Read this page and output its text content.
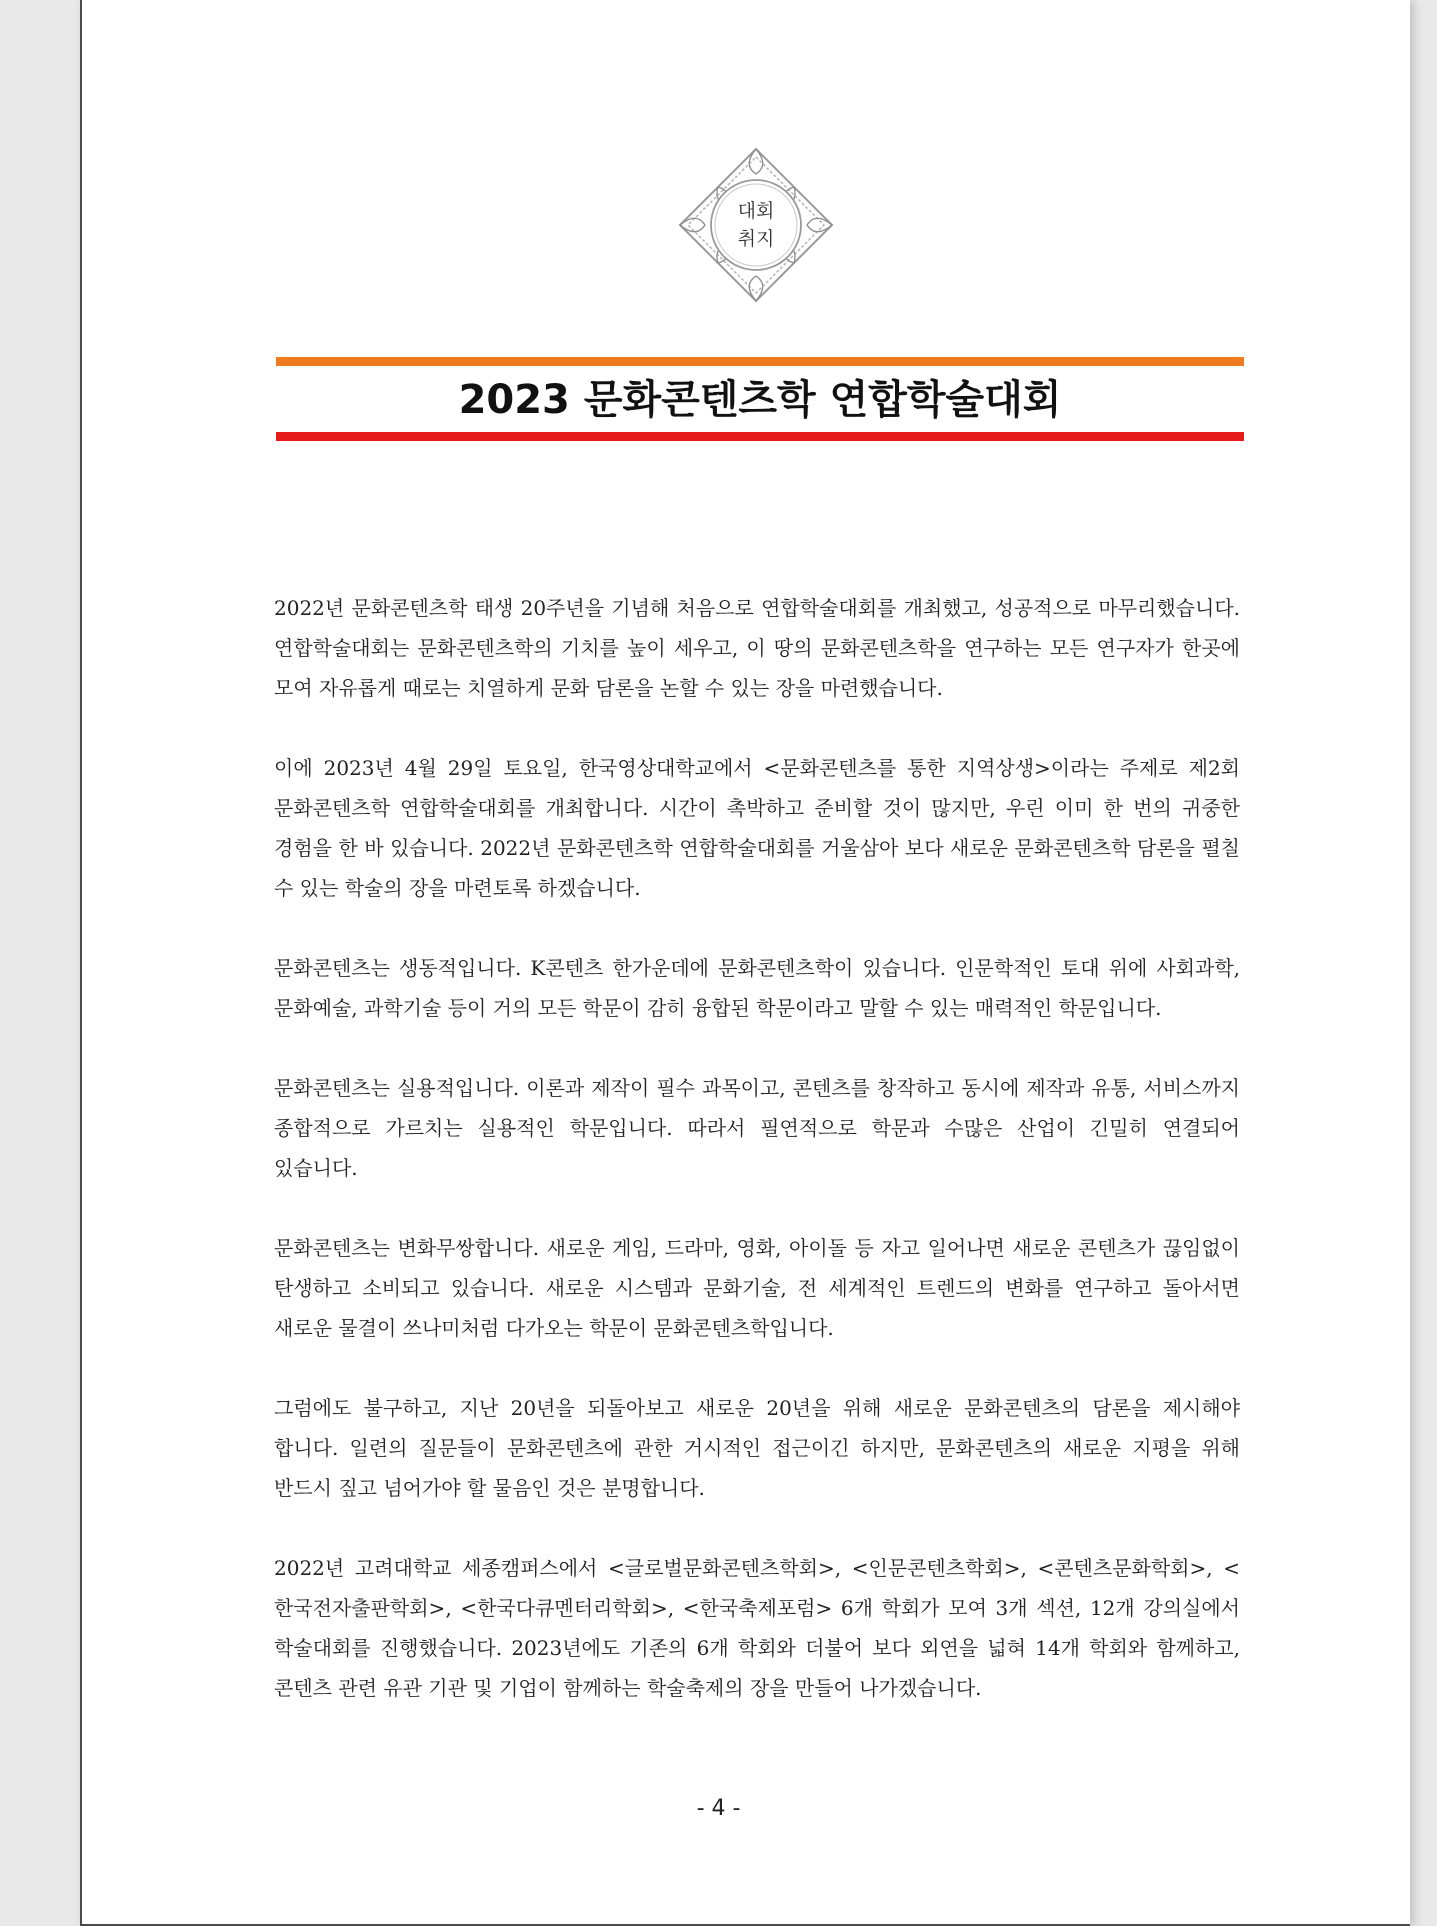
대회
취지
2023 문화콘텐츠학 연합학술대회

2022년 문화콘텐츠학 태생 20주년을 기념해 처음으로 연합학술대회를 개최했고, 성공적으로 마무리했습니다. 연합학술대회는 문화콘텐츠학의 기치를 높이 세우고, 이 땅의 문화콘텐츠학을 연구하는 모든 연구자가 한곳에 모여 자유롭게 때로는 치열하게 문화 담론을 논할 수 있는 장을 마련했습니다.

이에 2023년 4월 29일 토요일, 한국영상대학교에서 <문화콘텐츠를 통한 지역상생>이라는 주제로 제2회 문화콘텐츠학 연합학술대회를 개최합니다. 시간이 촉박하고 준비할 것이 많지만, 우린 이미 한 번의 귀중한 경험을 한 바 있습니다. 2022년 문화콘텐츠학 연합학술대회를 거울삼아 보다 새로운 문화콘텐츠학 담론을 펼칠 수 있는 학술의 장을 마련토록 하겠습니다.

문화콘텐츠는 생동적입니다. K콘텐츠 한가운데에 문화콘텐츠학이 있습니다. 인문학적인 토대 위에 사회과학, 문화예술, 과학기술 등이 거의 모든 학문이 감히 융합된 학문이라고 말할 수 있는 매력적인 학문입니다.

문화콘텐츠는 실용적입니다. 이론과 제작이 필수 과목이고, 콘텐츠를 창작하고 동시에 제작과 유통, 서비스까지 종합적으로 가르치는 실용적인 학문입니다. 따라서 필연적으로 학문과 수많은 산업이 긴밀히 연결되어 있습니다.

문화콘텐츠는 변화무쌍합니다. 새로운 게임, 드라마, 영화, 아이돌 등 자고 일어나면 새로운 콘텐츠가 끊임없이 탄생하고 소비되고 있습니다. 새로운 시스템과 문화기술, 전 세계적인 트렌드의 변화를 연구하고 돌아서면 새로운 물결이 쓰나미처럼 다가오는 학문이 문화콘텐츠학입니다.

그럼에도 불구하고, 지난 20년을 되돌아보고 새로운 20년을 위해 새로운 문화콘텐츠의 담론을 제시해야 합니다. 일련의 질문들이 문화콘텐츠에 관한 거시적인 접근이긴 하지만, 문화콘텐츠의 새로운 지평을 위해 반드시 짚고 넘어가야 할 물음인 것은 분명합니다.

2022년 고려대학교 세종캠퍼스에서 <글로벌문화콘텐츠학회>, <인문콘텐츠학회>, <콘텐츠문화학회>, <한국전자출판학회>, <한국다큐멘터리학회>, <한국축제포럼> 6개 학회가 모여 3개 섹션, 12개 강의실에서 학술대회를 진행했습니다. 2023년에도 기존의 6개 학회와 더불어 보다 외연을 넓혀 14개 학회와 함께하고, 콘텐츠 관련 유관 기관 및 기업이 함께하는 학술축제의 장을 만들어 나가겠습니다.

- 4 -
